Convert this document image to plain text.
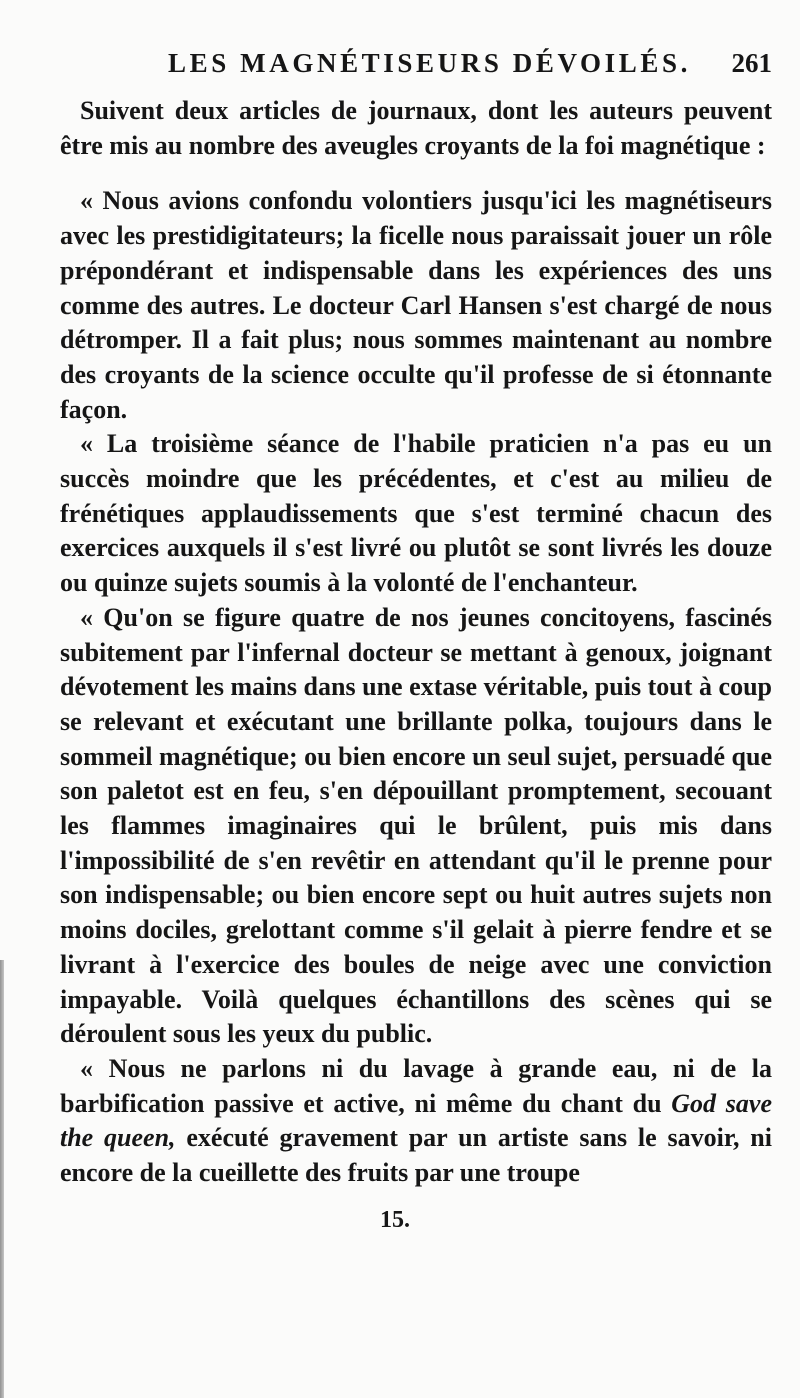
LES MAGNÉTISEURS DÉVOILÉS. 261

Suivent deux articles de journaux, dont les auteurs peuvent être mis au nombre des aveugles croyants de la foi magnétique :

« Nous avions confondu volontiers jusqu'ici les magnétiseurs avec les prestidigitateurs; la ficelle nous paraissait jouer un rôle prépondérant et indispensable dans les expériences des uns comme des autres. Le docteur Carl Hansen s'est chargé de nous détromper. Il a fait plus; nous sommes maintenant au nombre des croyants de la science occulte qu'il professe de si étonnante façon.

« La troisième séance de l'habile praticien n'a pas eu un succès moindre que les précédentes, et c'est au milieu de frénétiques applaudissements que s'est terminé chacun des exercices auxquels il s'est livré ou plutôt se sont livrés les douze ou quinze sujets soumis à la volonté de l'enchanteur.

« Qu'on se figure quatre de nos jeunes concitoyens, fascinés subitement par l'infernal docteur se mettant à genoux, joignant dévotement les mains dans une extase véritable, puis tout à coup se relevant et exécutant une brillante polka, toujours dans le sommeil magnétique; ou bien encore un seul sujet, persuadé que son paletot est en feu, s'en dépouillant promptement, secouant les flammes imaginaires qui le brûlent, puis mis dans l'impossibilité de s'en revêtir en attendant qu'il le prenne pour son indispensable; ou bien encore sept ou huit autres sujets non moins dociles, grelottant comme s'il gelait à pierre fendre et se livrant à l'exercice des boules de neige avec une conviction impayable. Voilà quelques échantillons des scènes qui se déroulent sous les yeux du public.

« Nous ne parlons ni du lavage à grande eau, ni de la barbification passive et active, ni même du chant du God save the queen, exécuté gravement par un artiste sans le savoir, ni encore de la cueillette des fruits par une troupe

15.
